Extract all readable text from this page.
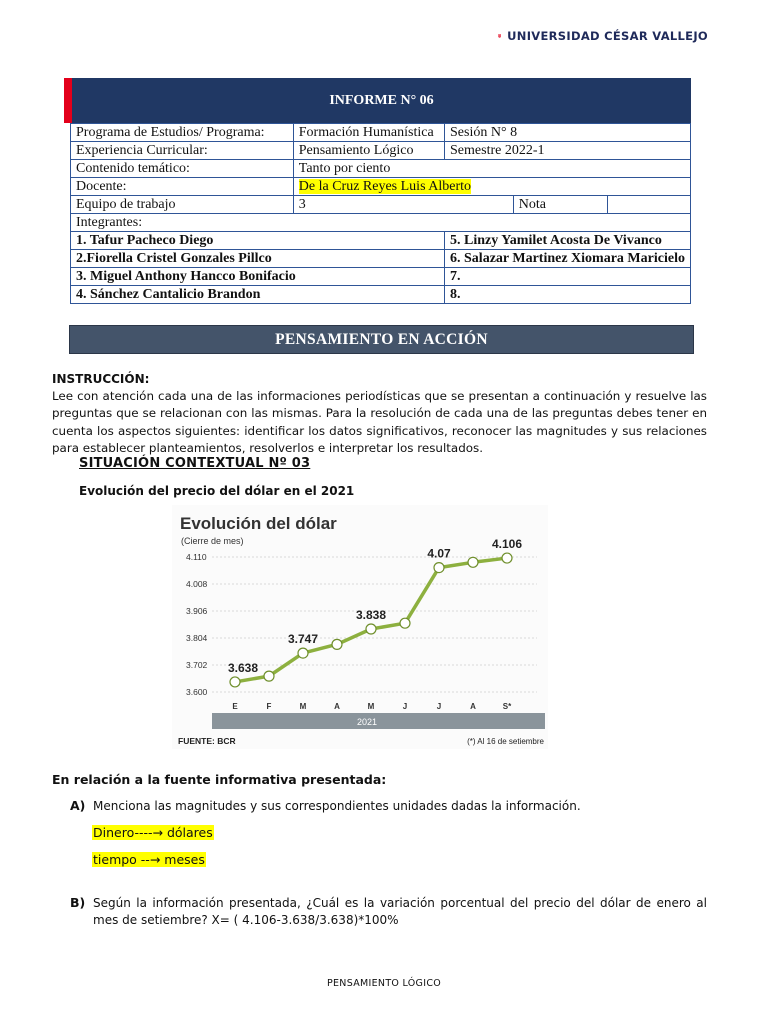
UNIVERSIDAD CÉSAR VALLEJO
INFORME N° 06
Programa de Estudios/ Programa:	Formación Humanística	Sesión N° 8		
Experiencia Curricular:	Pensamiento Lógico	Semestre 2022-1		
Contenido temático:	Tanto por ciento			
Docente:	De la Cruz Reyes Luis Alberto			
Equipo de trabajo	3		Nota	
Integrantes:				
1. Tafur Pacheco Diego		5. Linzy Yamilet Acosta De Vivanco		
2.Fiorella Cristel Gonzales Pillco		6. Salazar Martinez Xiomara Maricielo		
3. Miguel Anthony Hancco Bonifacio		7.		
4. Sánchez Cantalicio Brandon		8.		
PENSAMIENTO EN ACCIÓN
INSTRUCCIÓN:
Lee con atención cada una de las informaciones periodísticas que se presentan a continuación y resuelve las preguntas que se relacionan con las mismas. Para la resolución de cada una de las preguntas debes tener en cuenta los aspectos siguientes: identificar los datos significativos, reconocer las magnitudes y sus relaciones para establecer planteamientos, resolverlos e interpretar los resultados.
SITUACIÓN CONTEXTUAL Nº 03
Evolución del precio del dólar en el 2021
Evolución del dólar
(Cierre de mes)
3.600
3.702
3.804
3.906
4.008
4.110
3.638
3.747
3.838
4.07
4.106
E	F	M	A	M	J	J	A	S*
2021
FUENTE: BCR	(*) Al 16 de setiembre
En relación a la fuente informativa presentada:
A) Menciona las magnitudes y sus correspondientes unidades dadas la información.
Dinero----→ dólares
tiempo --→ meses
B) Según la información presentada, ¿Cuál es la variación porcentual del precio del dólar de enero al mes de setiembre? X= ( 4.106-3.638/3.638)*100%
PENSAMIENTO LÓGICO
